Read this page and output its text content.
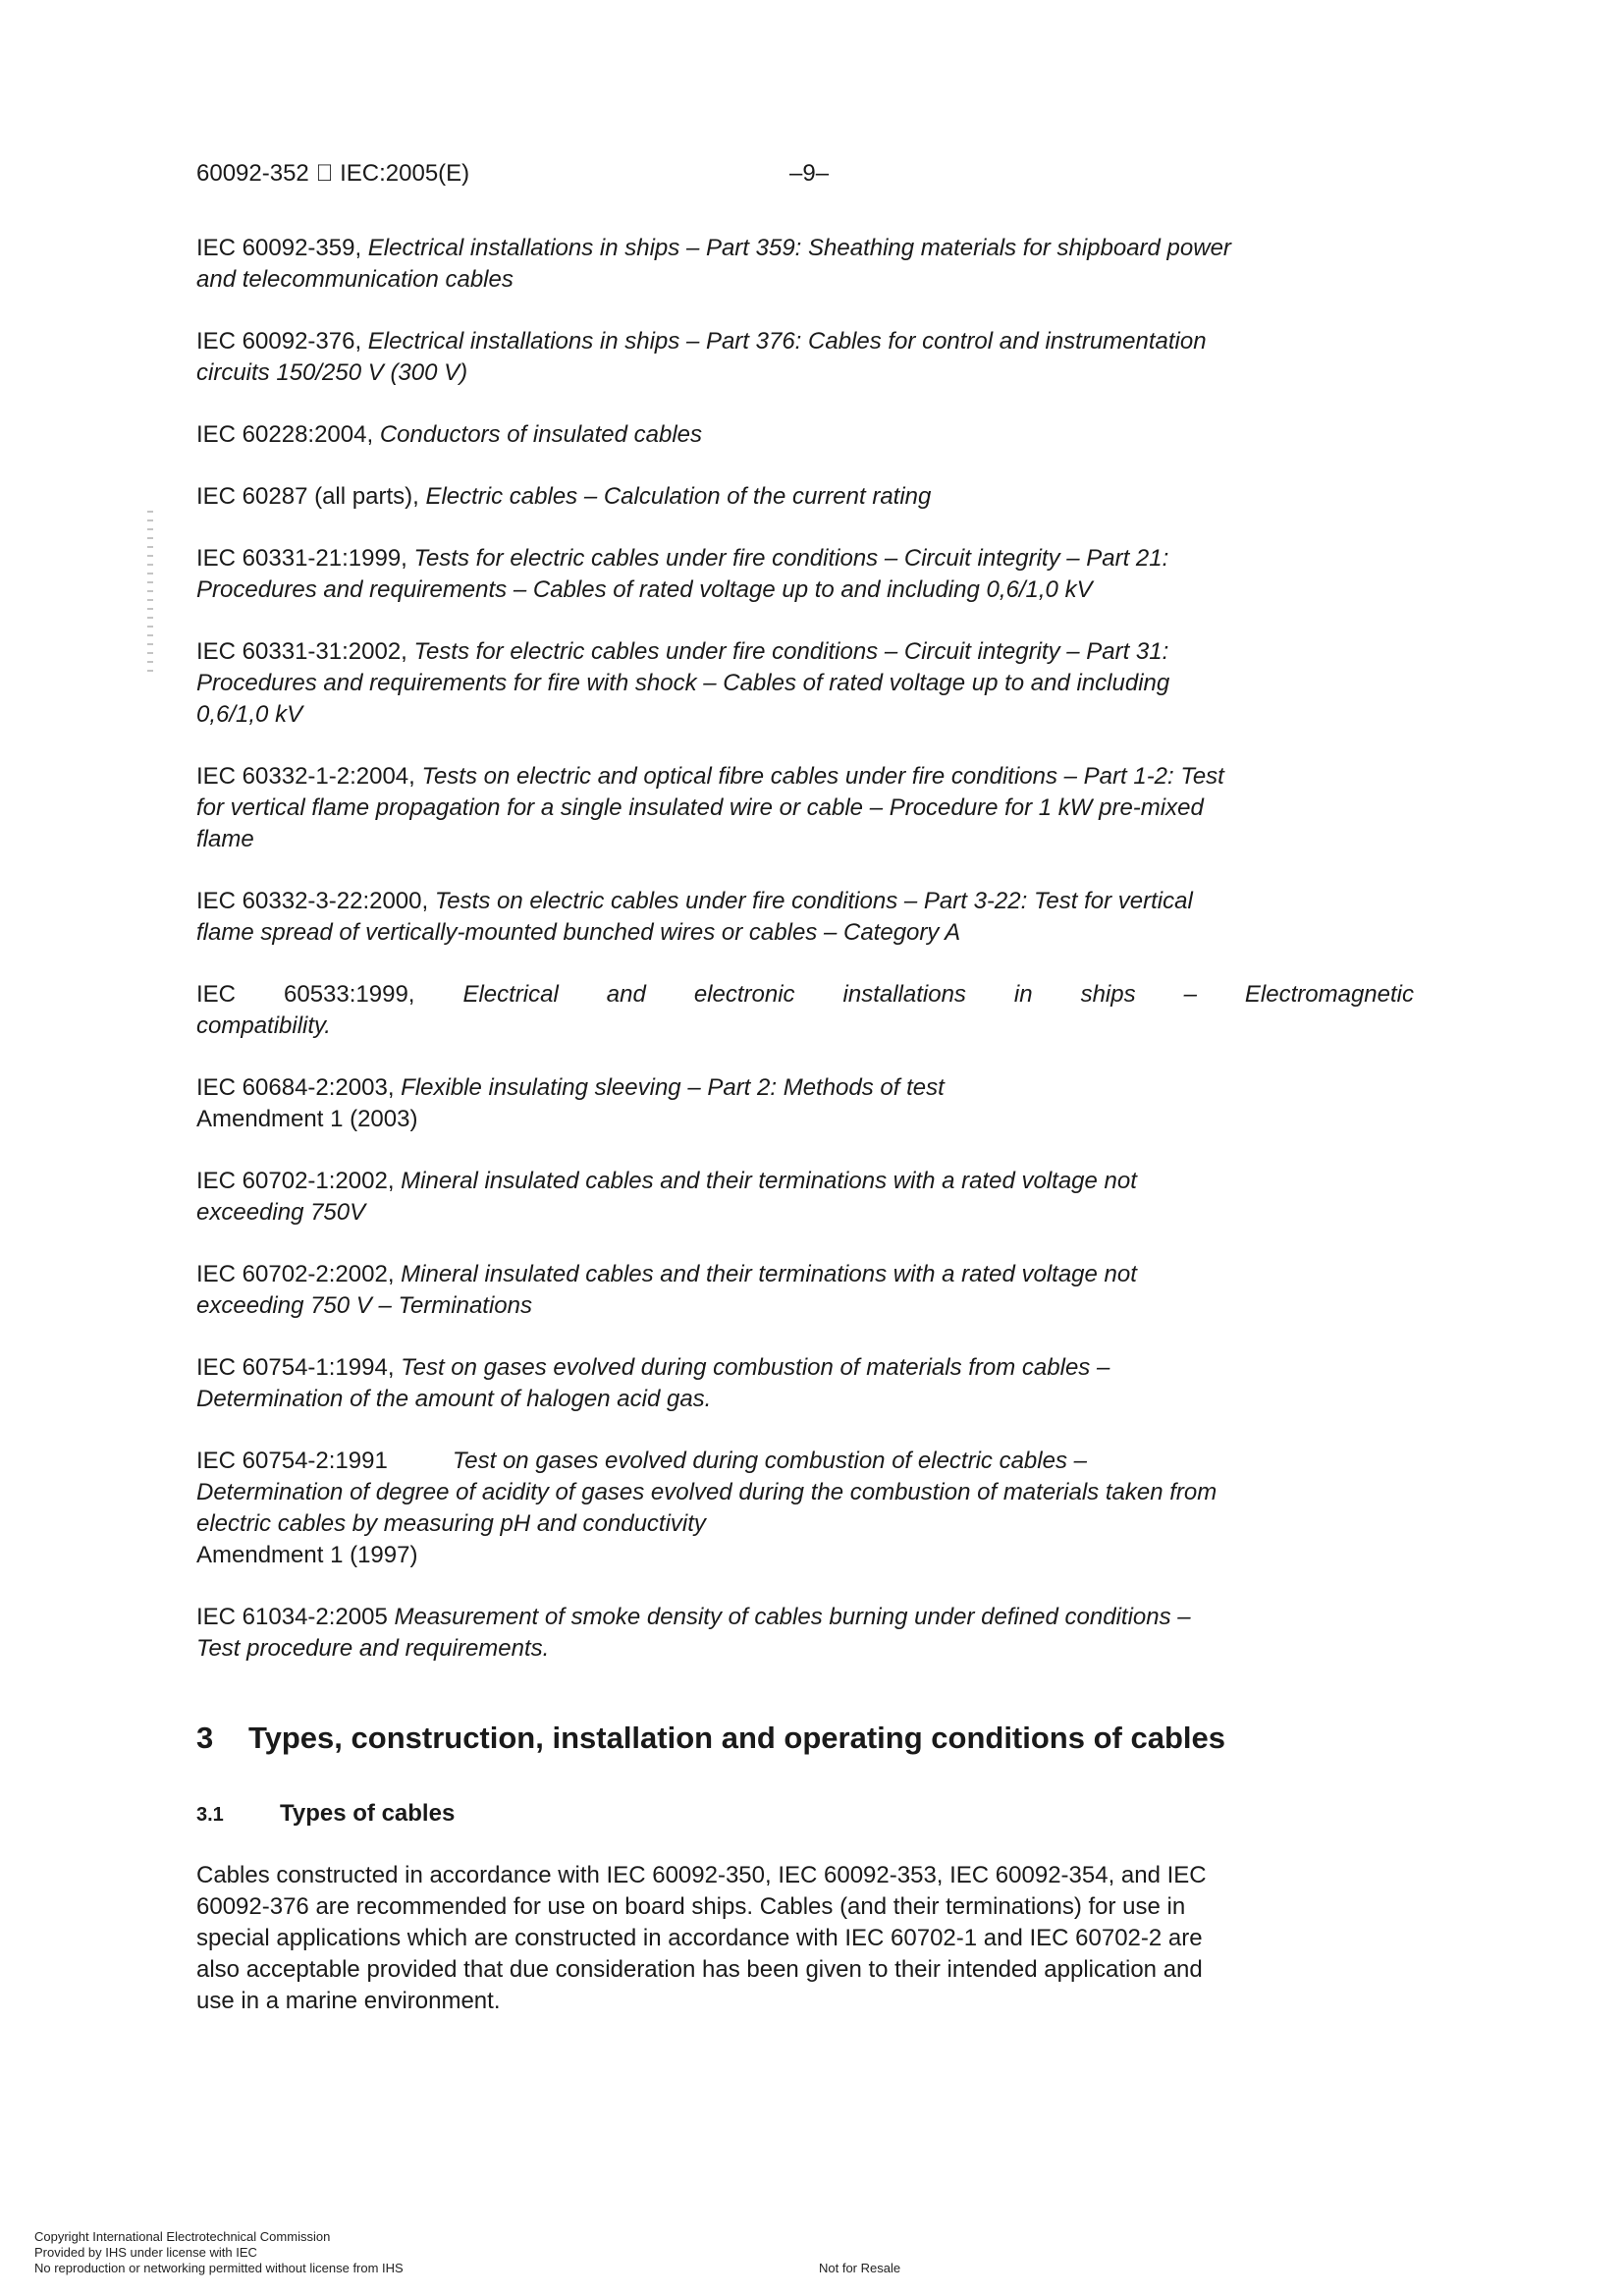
60092-352   IEC:2005(E)	–9–

IEC 60092-359, Electrical installations in ships – Part 359: Sheathing materials for shipboard power and telecommunication cables

IEC 60092-376, Electrical installations in ships – Part 376: Cables for control and instrumentation circuits 150/250 V (300 V)

IEC 60228:2004, Conductors of insulated cables

IEC 60287 (all parts), Electric cables – Calculation of the current rating

IEC 60331-21:1999, Tests for electric cables under fire conditions – Circuit integrity – Part 21: Procedures and requirements – Cables of rated voltage up to and including 0,6/1,0 kV

IEC 60331-31:2002, Tests for electric cables under fire conditions – Circuit integrity – Part 31: Procedures and requirements for fire with shock – Cables of rated voltage up to and including 0,6/1,0 kV

IEC 60332-1-2:2004, Tests on electric and optical fibre cables under fire conditions – Part 1-2: Test for vertical flame propagation for a single insulated wire or cable – Procedure for 1 kW pre-mixed flame

IEC 60332-3-22:2000, Tests on electric cables under fire conditions – Part 3-22: Test for vertical flame spread of vertically-mounted bunched wires or cables – Category A

IEC 60533:1999, Electrical and electronic installations in ships – Electromagnetic
compatibility.

IEC 60684-2:2003, Flexible insulating sleeving – Part 2: Methods of test
Amendment 1 (2003)

IEC 60702-1:2002, Mineral insulated cables and their terminations with a rated voltage not exceeding 750V

IEC 60702-2:2002, Mineral insulated cables and their terminations with a rated voltage not exceeding 750 V – Terminations

IEC 60754-1:1994, Test on gases evolved during combustion of materials from cables – Determination of the amount of halogen acid gas.

IEC 60754-2:1991	Test on gases evolved during combustion of electric cables – Determination of degree of acidity of gases evolved during the combustion of materials taken from electric cables by measuring pH and conductivity
Amendment 1 (1997)

IEC 61034-2:2005 Measurement of smoke density of cables burning under defined conditions – Test procedure and requirements.

3 Types, construction, installation and operating conditions of cables
3.1 Types of cables

Cables constructed in accordance with IEC 60092-350, IEC 60092-353, IEC 60092-354, and IEC 60092-376 are recommended for use on board ships. Cables (and their terminations) for use in special applications which are constructed in accordance with IEC 60702-1 and IEC 60702-2 are also acceptable provided that due consideration has been given to their intended application and use in a marine environment.

Copyright International Electrotechnical Commission
Provided by IHS under license with IEC
No reproduction or networking permitted without license from IHS	Not for Resale
